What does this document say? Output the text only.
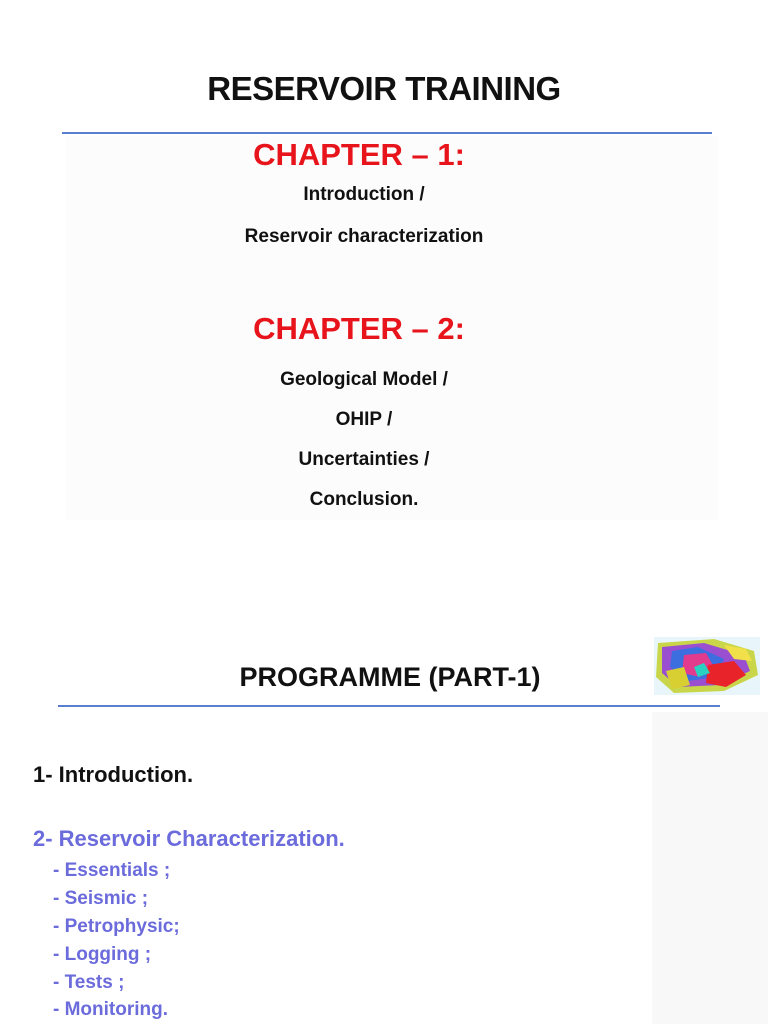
RESERVOIR TRAINING
CHAPTER – 1:
Introduction /
Reservoir characterization
CHAPTER – 2:
Geological Model /
OHIP /
Uncertainties /
Conclusion.
PROGRAMME (PART-1)
1- Introduction.
2- Reservoir Characterization.
- Essentials ;
- Seismic ;
- Petrophysic;
- Logging ;
- Tests ;
- Monitoring.
